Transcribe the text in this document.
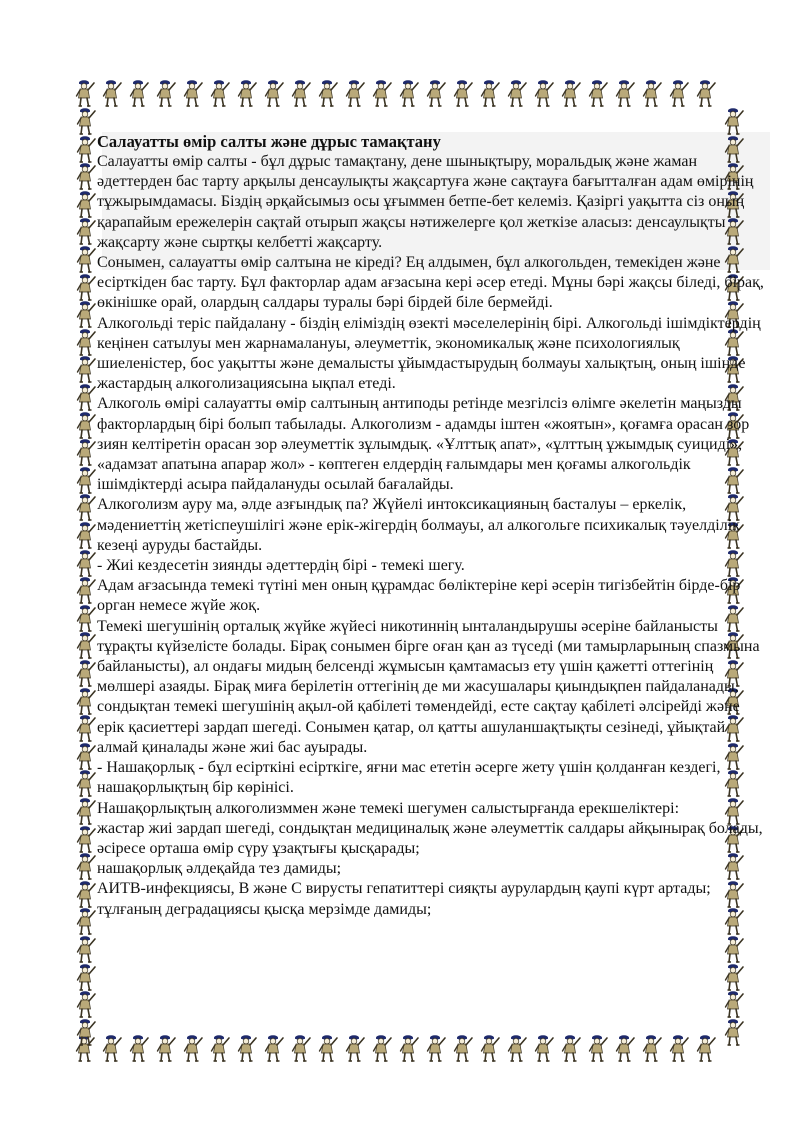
Салауатты өмір салты және дұрыс тамақтану

Салауатты өмір салты - бұл дұрыс тамақтану, дене шынықтыру, моральдық және жаман әдеттерден бас тарту арқылы денсаулықты жақсартуға және сақтауға бағытталған адам өмірінің тұжырымдамасы. Біздің әрқайсымыз осы ұғыммен бетпе-бет келеміз. Қазіргі уақытта сіз оның қарапайым ережелерін сақтай отырып жақсы нәтижелерге қол жеткізе аласыз: денсаулықты жақсарту және сыртқы келбетті жақсарту.

Сонымен, салауатты өмір салтына не кіреді? Ең алдымен, бұл алкогольден, темекіден және есірткіден бас тарту. Бұл факторлар адам ағзасына кері әсер етеді. Мұны бәрі жақсы біледі, бірақ, өкінішке орай, олардың салдары туралы бәрі бірдей біле бермейді.

Алкогольді теріс пайдалану - біздің еліміздің өзекті мәселелерінің бірі. Алкогольді ішімдіктердің кеңінен сатылуы мен жарнамалануы, әлеуметтік, экономикалық және психологиялық шиеленістер, бос уақытты және демалысты ұйымдастырудың болмауы халықтың, оның ішінде жастардың алкоголизациясына ықпал етеді.

Алкоголь өмірі салауатты өмір салтының антиподы ретінде мезгілсіз өлімге әкелетін маңызды факторлардың бірі болып табылады. Алкоголизм - адамды іштен «жоятын», қоғамға орасан зор зиян келтіретін орасан зор әлеуметтік зұлымдық. «Ұлттық апат», «ұлттың ұжымдық суициді», «адамзат апатына апарар жол» - көптеген елдердің ғалымдары мен қоғамы алкогольдік ішімдіктерді асыра пайдалануды осылай бағалайды.

Алкоголизм ауру ма, әлде азғындық па? Жүйелі интоксикацияның басталуы – еркелік, мәдениеттің жетіспеушілігі және ерік-жігердің болмауы, ал алкогольге психикалық тәуелділік кезеңі ауруды бастайды.

- Жиі кездесетін зиянды әдеттердің бірі - темекі шегу.

Адам ағзасында темекі түтіні мен оның құрамдас бөліктеріне кері әсерін тигізбейтін бірде-бір орган немесе жүйе жоқ.

Темекі шегушінің орталық жүйке жүйесі никотиннің ынталандырушы әсеріне байланысты тұрақты күйзелісте болады. Бірақ сонымен бірге оған қан аз түседі (ми тамырларының спазмына байланысты), ал ондағы мидың белсенді жұмысын қамтамасыз ету үшін қажетті оттегінің мөлшері азаяды. Бірақ миға берілетін оттегінің де ми жасушалары қиындықпен пайдаланады, сондықтан темекі шегушінің ақыл-ой қабілеті төмендейді, есте сақтау қабілеті әлсірейді және ерік қасиеттері зардап шегеді. Сонымен қатар, ол қатты ашуланшақтықты сезінеді, ұйықтай алмай қиналады және жиі бас ауырады.

- Нашақорлық - бұл есірткіні есірткіге, яғни мас ететін әсерге жету үшін қолданған кездегі, нашақорлықтың бір көрінісі.

Нашақорлықтың алкоголизммен және темекі шегумен салыстырғанда ерекшеліктері:

жастар жиі зардап шегеді, сондықтан медициналық және әлеуметтік салдары айқынырақ болады, әсіресе орташа өмір сүру ұзақтығы қысқарады;

нашақорлық әлдеқайда тез дамиды;

АИТВ-инфекциясы, В және С вирусты гепатиттері сияқты аурулардың қаупі күрт артады;

тұлғаның деградациясы қысқа мерзімде дамиды;
